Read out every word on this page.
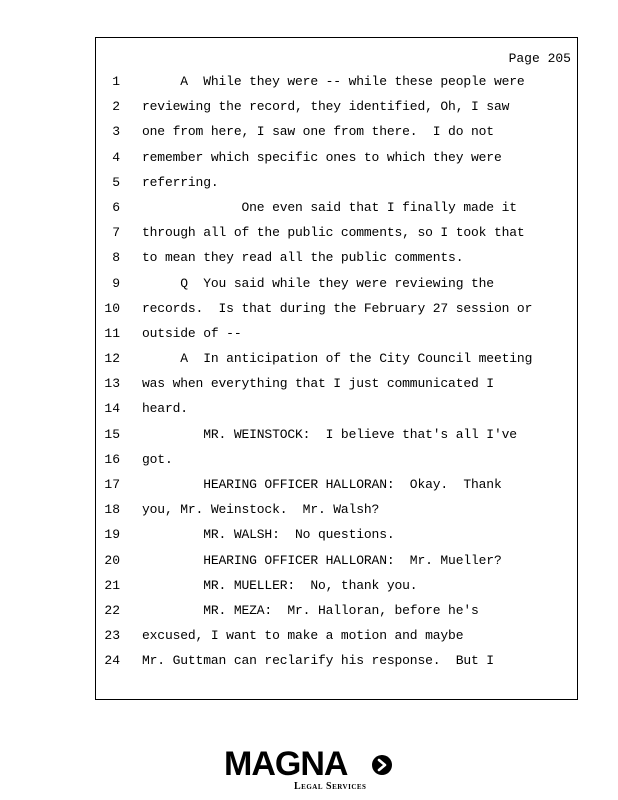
Page 205
1 A  While they were -- while these people were
2 reviewing the record, they identified, Oh, I saw
3 one from here, I saw one from there.  I do not
4 remember which specific ones to which they were
5 referring.
6 One even said that I finally made it
7 through all of the public comments, so I took that
8 to mean they read all the public comments.
9 Q  You said while they were reviewing the
10 records.  Is that during the February 27 session or
11 outside of --
12 A  In anticipation of the City Council meeting
13 was when everything that I just communicated I
14 heard.
15 MR. WEINSTOCK:  I believe that's all I've
16 got.
17 HEARING OFFICER HALLORAN:  Okay.  Thank
18 you, Mr. Weinstock.  Mr. Walsh?
19 MR. WALSH:  No questions.
20 HEARING OFFICER HALLORAN:  Mr. Mueller?
21 MR. MUELLER:  No, thank you.
22 MR. MEZA:  Mr. Halloran, before he's
23 excused, I want to make a motion and maybe
24 Mr. Guttman can reclarify his response.  But I
MAGNA
Legal Services
